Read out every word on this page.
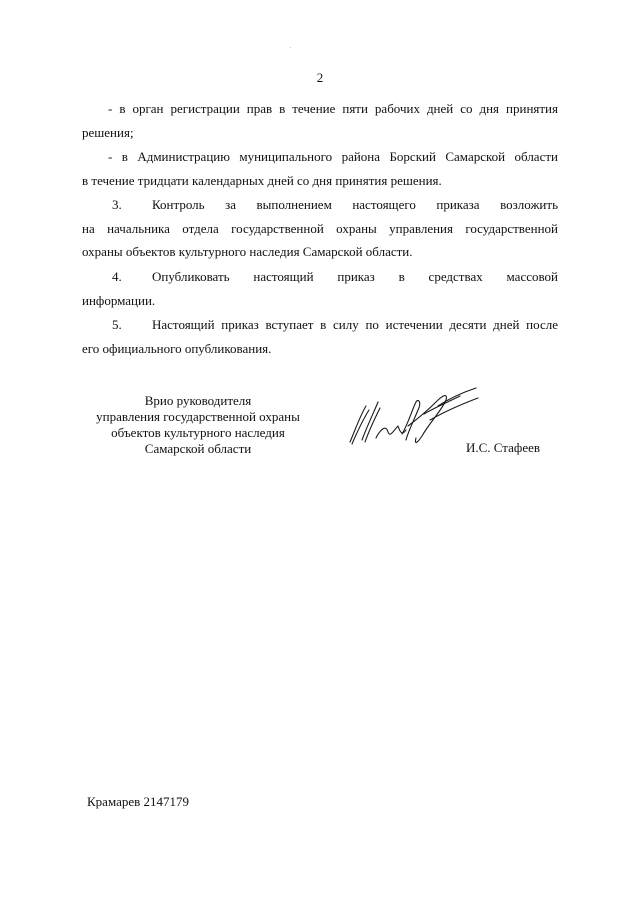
·
2
- в орган регистрации прав в течение пяти рабочих дней со дня принятия
решения;
- в Администрацию муниципального района Борский Самарской области
в течение тридцати календарных дней со дня принятия решения.
3.	Контроль за выполнением настоящего приказа возложить
на начальника отдела государственной охраны управления государственной
охраны объектов культурного наследия Самарской области.
4.	Опубликовать настоящий приказ в средствах массовой
информации.
5.	Настоящий приказ вступает в силу по истечении десяти дней после
его официального опубликования.
Врио руководителя
управления государственной охраны
объектов культурного наследия
Самарской области	И.С. Стафеев
Крамарев 2147179
